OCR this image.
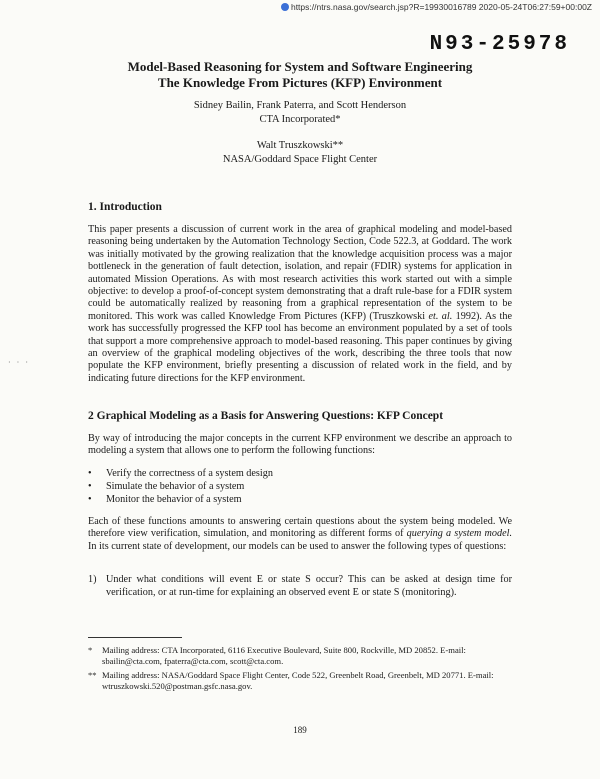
https://ntrs.nasa.gov/search.jsp?R=19930016789 2020-05-24T06:27:59+00:00Z
N93-25978
Model-Based Reasoning for System and Software Engineering
The Knowledge From Pictures (KFP) Environment
Sidney Bailin, Frank Paterra, and Scott Henderson
CTA Incorporated*
Walt Truszkowski**
NASA/Goddard Space Flight Center
1. Introduction
This paper presents a discussion of current work in the area of graphical modeling and model-based reasoning being undertaken by the Automation Technology Section, Code 522.3, at Goddard. The work was initially motivated by the growing realization that the knowledge acquisition process was a major bottleneck in the generation of fault detection, isolation, and repair (FDIR) systems for application in automated Mission Operations. As with most research activities this work started out with a simple objective: to develop a proof-of-concept system demonstrating that a draft rule-base for a FDIR system could be automatically realized by reasoning from a graphical representation of the system to be monitored. This work was called Knowledge From Pictures (KFP) (Truszkowski et. al. 1992). As the work has successfully progressed the KFP tool has become an environment populated by a set of tools that support a more comprehensive approach to model-based reasoning. This paper continues by giving an overview of the graphical modeling objectives of the work, describing the three tools that now populate the KFP environment, briefly presenting a discussion of related work in the field, and by indicating future directions for the KFP environment.
· · ·
2 Graphical Modeling as a Basis for Answering Questions: KFP Concept
By way of introducing the major concepts in the current KFP environment we describe an approach to modeling a system that allows one to perform the following functions:
• Verify the correctness of a system design
• Simulate the behavior of a system
• Monitor the behavior of a system
Each of these functions amounts to answering certain questions about the system being modeled. We therefore view verification, simulation, and monitoring as different forms of querying a system model. In its current state of development, our models can be used to answer the following types of questions:
1) Under what conditions will event E or state S occur? This can be asked at design time for verification, or at run-time for explaining an observed event E or state S (monitoring).
* Mailing address: CTA Incorporated, 6116 Executive Boulevard, Suite 800, Rockville, MD 20852. E-mail: sbailin@cta.com, fpaterra@cta.com, scott@cta.com.
** Mailing address: NASA/Goddard Space Flight Center, Code 522, Greenbelt Road, Greenbelt, MD 20771. E-mail: wtruszkowski.520@postman.gsfc.nasa.gov.
189
